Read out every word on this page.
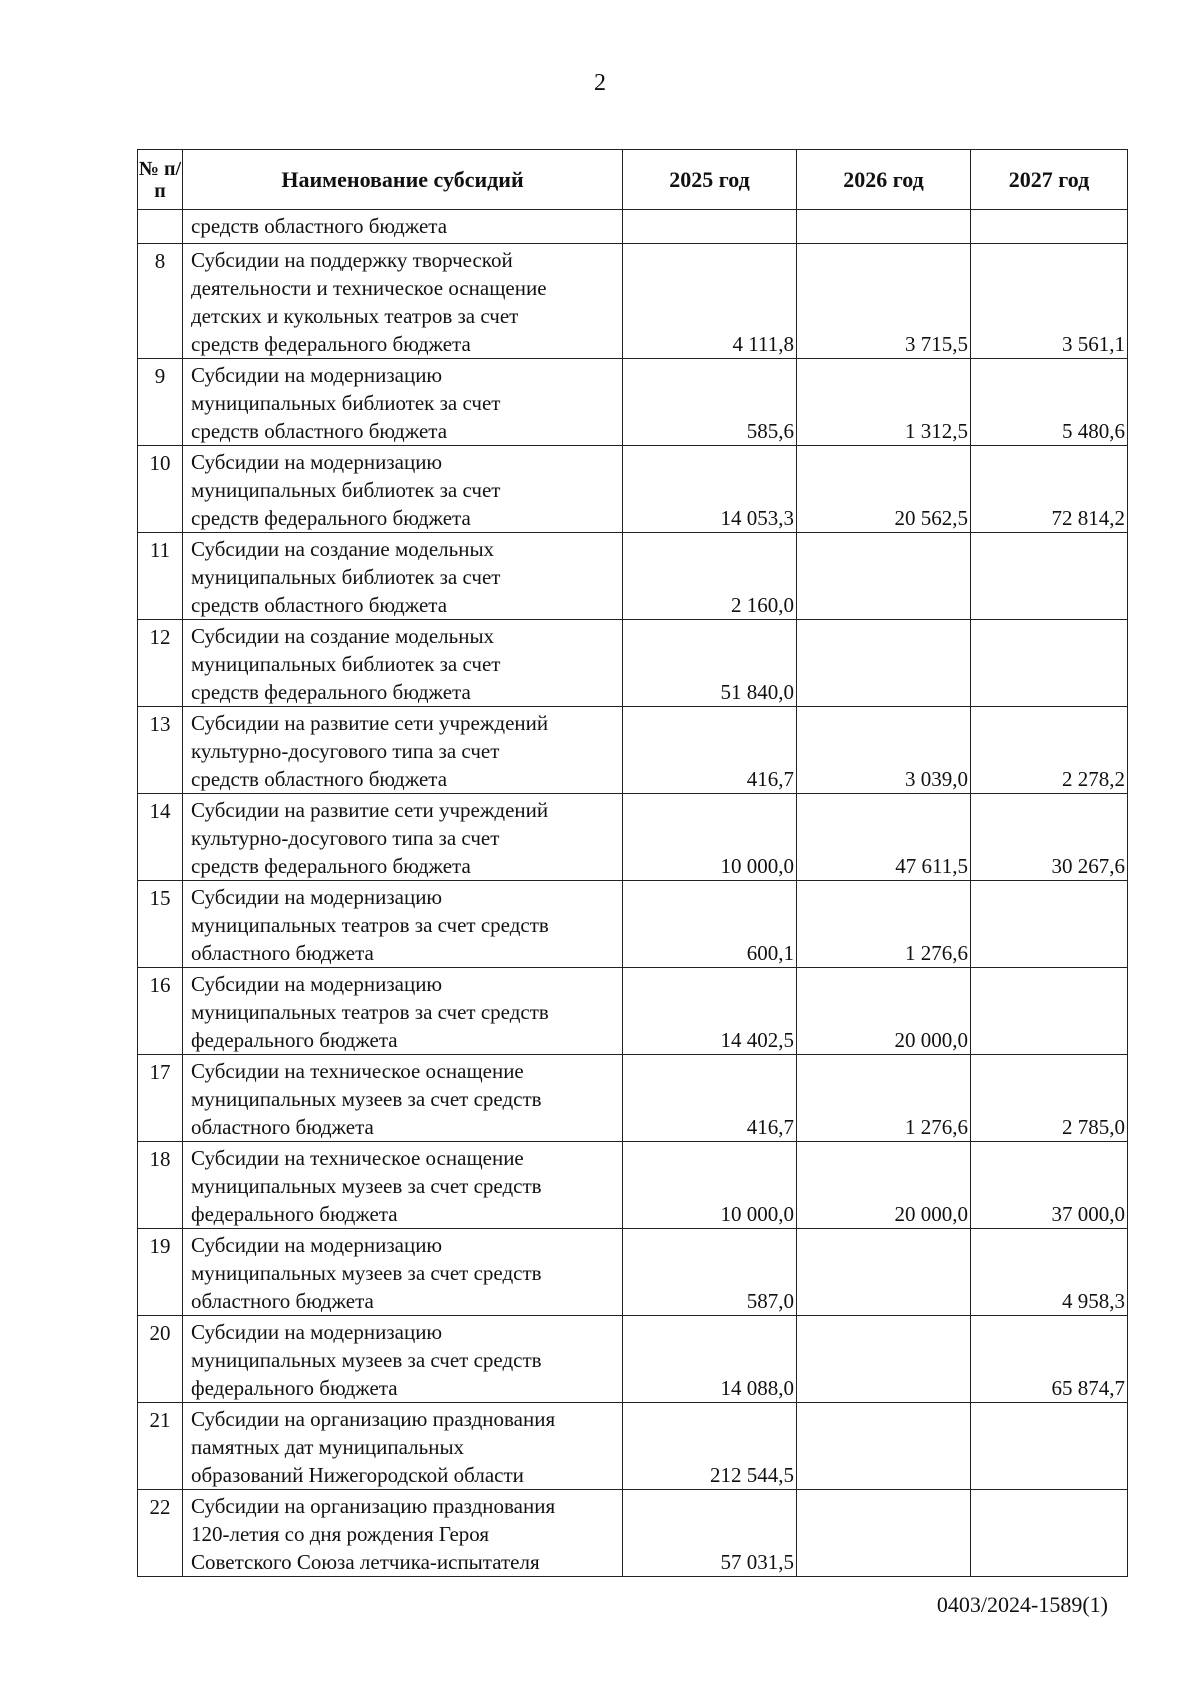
2
№ п/п	Наименование субсидий	2025 год	2026 год	2027 год
	средств областного бюджета			
8	Субсидии на поддержку творческой
деятельности и техническое оснащение
детских и кукольных театров за счет
средств федерального бюджета	4 111,8	3 715,5	3 561,1
9	Субсидии на модернизацию
муниципальных библиотек за счет
средств областного бюджета	585,6	1 312,5	5 480,6
10	Субсидии на модернизацию
муниципальных библиотек за счет
средств федерального бюджета	14 053,3	20 562,5	72 814,2
11	Субсидии на создание модельных
муниципальных библиотек за счет
средств областного бюджета	2 160,0		
12	Субсидии на создание модельных
муниципальных библиотек за счет
средств федерального бюджета	51 840,0		
13	Субсидии на развитие сети учреждений
культурно-досугового типа за счет
средств областного бюджета	416,7	3 039,0	2 278,2
14	Субсидии на развитие сети учреждений
культурно-досугового типа за счет
средств федерального бюджета	10 000,0	47 611,5	30 267,6
15	Субсидии на модернизацию
муниципальных театров за счет средств
областного бюджета	600,1	1 276,6	
16	Субсидии на модернизацию
муниципальных театров за счет средств
федерального бюджета	14 402,5	20 000,0	
17	Субсидии на техническое оснащение
муниципальных музеев за счет средств
областного бюджета	416,7	1 276,6	2 785,0
18	Субсидии на техническое оснащение
муниципальных музеев за счет средств
федерального бюджета	10 000,0	20 000,0	37 000,0
19	Субсидии на модернизацию
муниципальных музеев за счет средств
областного бюджета	587,0		4 958,3
20	Субсидии на модернизацию
муниципальных музеев за счет средств
федерального бюджета	14 088,0		65 874,7
21	Субсидии на организацию празднования
памятных дат муниципальных
образований Нижегородской области	212 544,5		
22	Субсидии на организацию празднования
120-летия со дня рождения Героя
Советского Союза летчика-испытателя	57 031,5		
0403/2024-1589(1)
